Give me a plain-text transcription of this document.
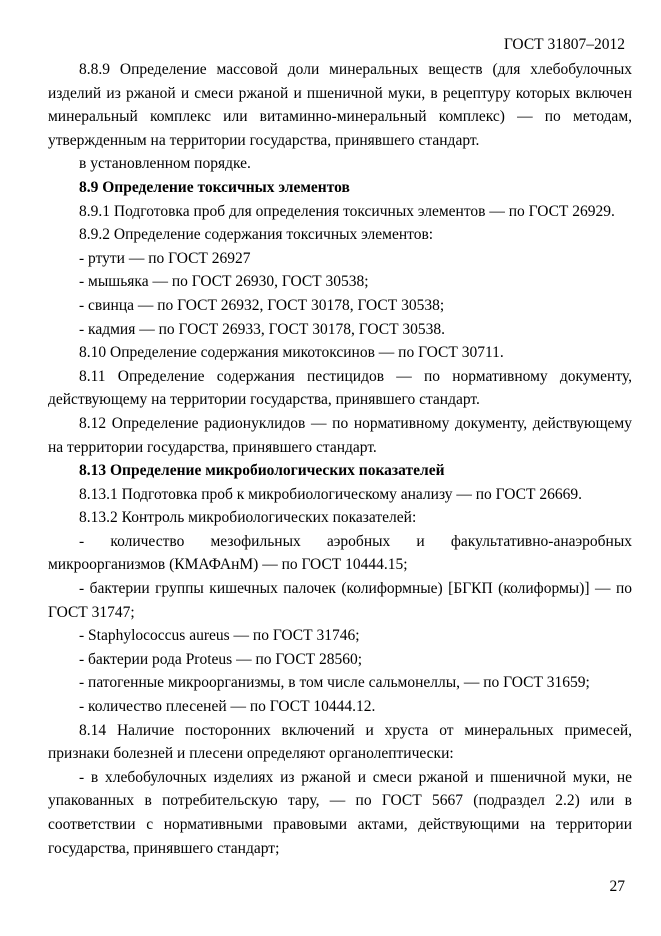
ГОСТ 31807–2012

8.8.9 Определение массовой доли минеральных веществ (для хлебобулочных изделий из ржаной и смеси ржаной и пшеничной муки, в рецептуру которых включен минеральный комплекс или витаминно-минеральный комплекс) — по методам, утвержденным на территории государства, принявшего стандарт.

в установленном порядке.

8.9 Определение токсичных элементов

8.9.1 Подготовка проб для определения токсичных элементов — по ГОСТ 26929.

8.9.2 Определение содержания токсичных элементов:

- ртути — по ГОСТ 26927

- мышьяка — по ГОСТ 26930, ГОСТ 30538;

- свинца — по ГОСТ 26932, ГОСТ 30178, ГОСТ 30538;

- кадмия — по ГОСТ 26933, ГОСТ 30178, ГОСТ 30538.

8.10 Определение содержания микотоксинов — по ГОСТ 30711.

8.11 Определение содержания пестицидов — по нормативному документу, действующему на территории государства, принявшего стандарт.

8.12 Определение радионуклидов — по нормативному документу, действующему на территории государства, принявшего стандарт.

8.13 Определение микробиологических показателей

8.13.1 Подготовка проб к микробиологическому анализу — по ГОСТ 26669.

8.13.2 Контроль микробиологических показателей:

- количество мезофильных аэробных и факультативно-анаэробных микроорганизмов (КМАФАнМ) — по ГОСТ 10444.15;

- бактерии группы кишечных палочек (колиформные) [БГКП (колиформы)] — по ГОСТ 31747;

- Staphylococcus aureus — по ГОСТ 31746;

- бактерии рода Proteus — по ГОСТ 28560;

- патогенные микроорганизмы, в том числе сальмонеллы, — по ГОСТ 31659;

- количество плесеней — по ГОСТ 10444.12.

8.14 Наличие посторонних включений и хруста от минеральных примесей, признаки болезней и плесени определяют органолептически:

- в хлебобулочных изделиях из ржаной и смеси ржаной и пшеничной муки, не упакованных в потребительскую тару, — по ГОСТ 5667 (подраздел 2.2) или в соответствии с нормативными правовыми актами, действующими на территории государства, принявшего стандарт;

27
